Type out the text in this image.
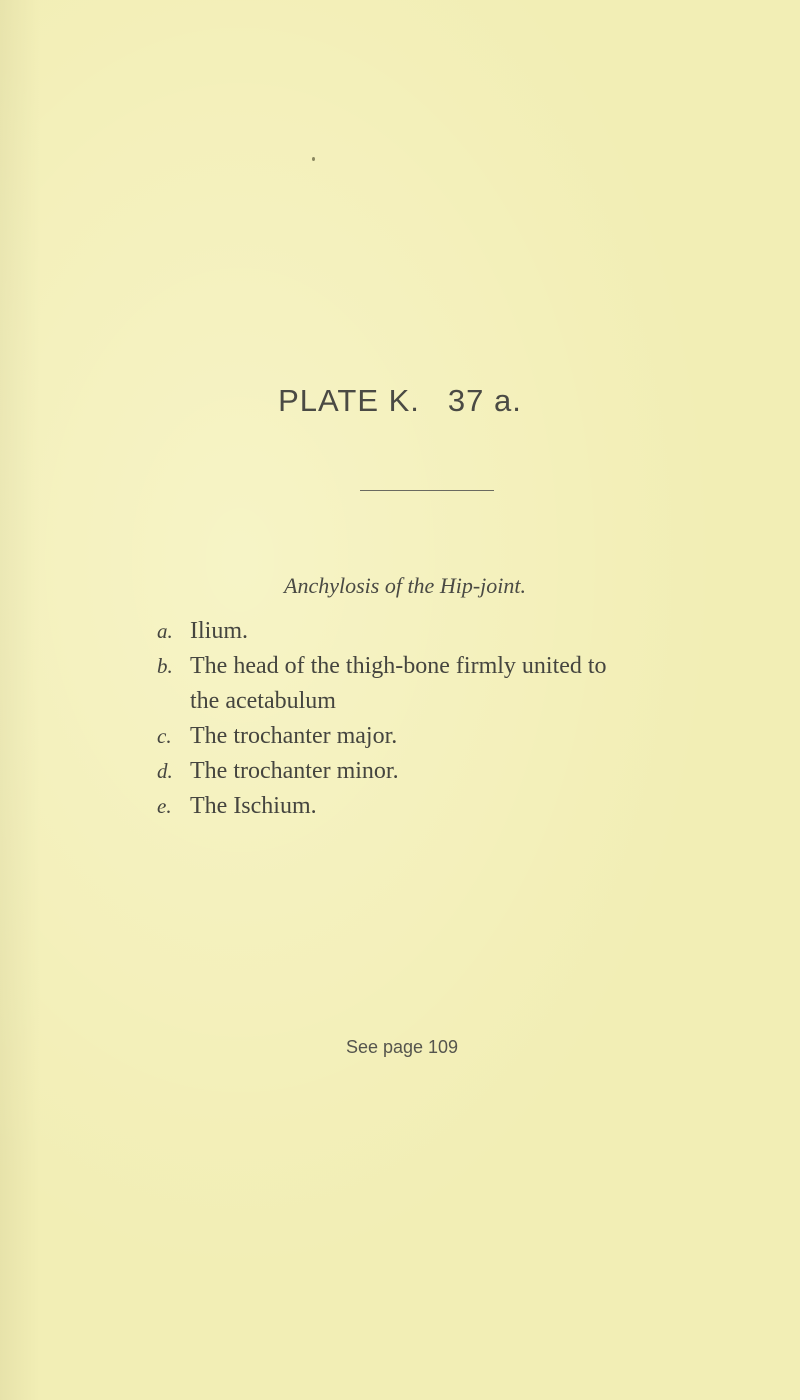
PLATE K. 37 a.
Anchylosis of the Hip-joint.
a. Ilium.
b. The head of the thigh-bone firmly united to
the acetabulum
c. The trochanter major.
d. The trochanter minor.
e. The Ischium.
See page 109
